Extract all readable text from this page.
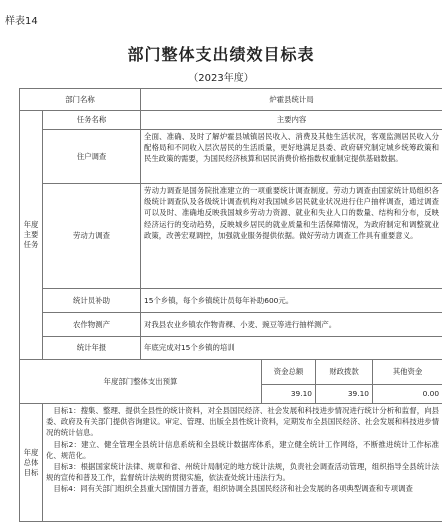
样表14
部门整体支出绩效目标表
（2023年度）
部门名称		炉霍县统计局			
年度主要任务	任务名称	主要内容			
	住户调查	全面、准确、及时了解炉霍县城镇居民收入、消费及其他生活状况，客观监测居民收入分配格局和不同收入层次居民的生活质量，更好地满足县委、政府研究制定城乡统筹政策和民生政策的需要，为国民经济核算和居民消费价格指数权重制定提供基础数据。			
	劳动力调查	劳动力调查是国务院批准建立的一项重要统计调查制度。劳动力调查由国家统计局组织各级统计调查队及各级统计调查机构对我国城乡居民就业状况进行住户抽样调查，通过调查可以及时、准确地反映我国城乡劳动力资源、就业和失业人口的数量、结构和分布，反映经济运行的变动趋势，反映城乡居民的就业质量和生活保障情况，为政府制定和调整就业政策，改善宏观调控，加强就业服务提供依据。做好劳动力调查工作具有重要意义。			
	统计员补助	15个乡镇，每个乡镇统计员每年补助600元。			
	农作物测产	对我县农业乡镇农作物青稞、小麦、豌豆等进行抽样测产。			
	统计年报	年底完成对15个乡镇的培训			
年度部门整体支出预算			资金总额	财政拨款	其他资金
			39.10	39.10	0.00
年度总体目标	目标1：搜集、整理、提供全县性的统计资料，对全县国民经济、社会发展和科技进步情况进行统计分析和监督，向县委、政府及有关部门提供咨询建议。审定、管理、出版全县性统计资料，定期发布全县国民经济、社会发展和科技进步情况的统计信息。

目标2：建立、健全管理全县统计信息系统和全县统计数据库体系，建立健全统计工作网络，不断推进统计工作标准化、规范化。

目标3：根据国家统计法律、规章和省、州统计局制定的地方统计法规，负责社会调查活动管理，组织指导全县统计法规的宣传和普及工作，监督统计法规的贯彻实施，依法查处统计违法行为。

目标4：同有关部门组织全县重大国情国力普查，组织协调全县国民经济和社会发展的各项典型调查和专项调查				
